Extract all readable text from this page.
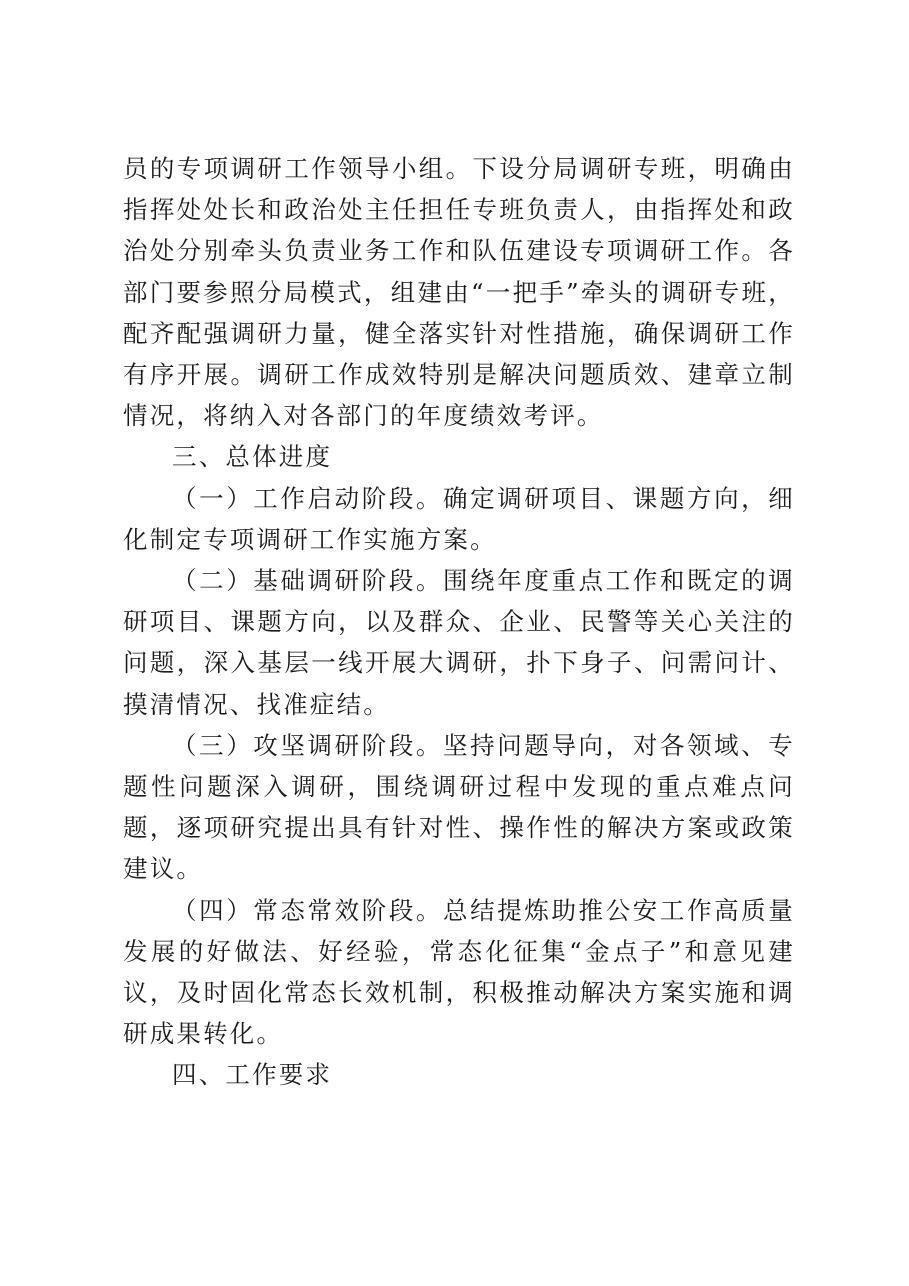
员的专项调研工作领导小组。下设分局调研专班，明确由指挥处处长和政治处主任担任专班负责人，由指挥处和政治处分别牵头负责业务工作和队伍建设专项调研工作。各部门要参照分局模式，组建由“一把手”牵头的调研专班，配齐配强调研力量，健全落实针对性措施，确保调研工作有序开展。调研工作成效特别是解决问题质效、建章立制情况，将纳入对各部门的年度绩效考评。

三、总体进度

（一）工作启动阶段。确定调研项目、课题方向，细化制定专项调研工作实施方案。

（二）基础调研阶段。围绕年度重点工作和既定的调研项目、课题方向，以及群众、企业、民警等关心关注的问题，深入基层一线开展大调研，扑下身子、问需问计、摸清情况、找准症结。

（三）攻坚调研阶段。坚持问题导向，对各领域、专题性问题深入调研，围绕调研过程中发现的重点难点问题，逐项研究提出具有针对性、操作性的解决方案或政策建议。

（四）常态常效阶段。总结提炼助推公安工作高质量发展的好做法、好经验，常态化征集“金点子”和意见建议，及时固化常态长效机制，积极推动解决方案实施和调研成果转化。

四、工作要求
